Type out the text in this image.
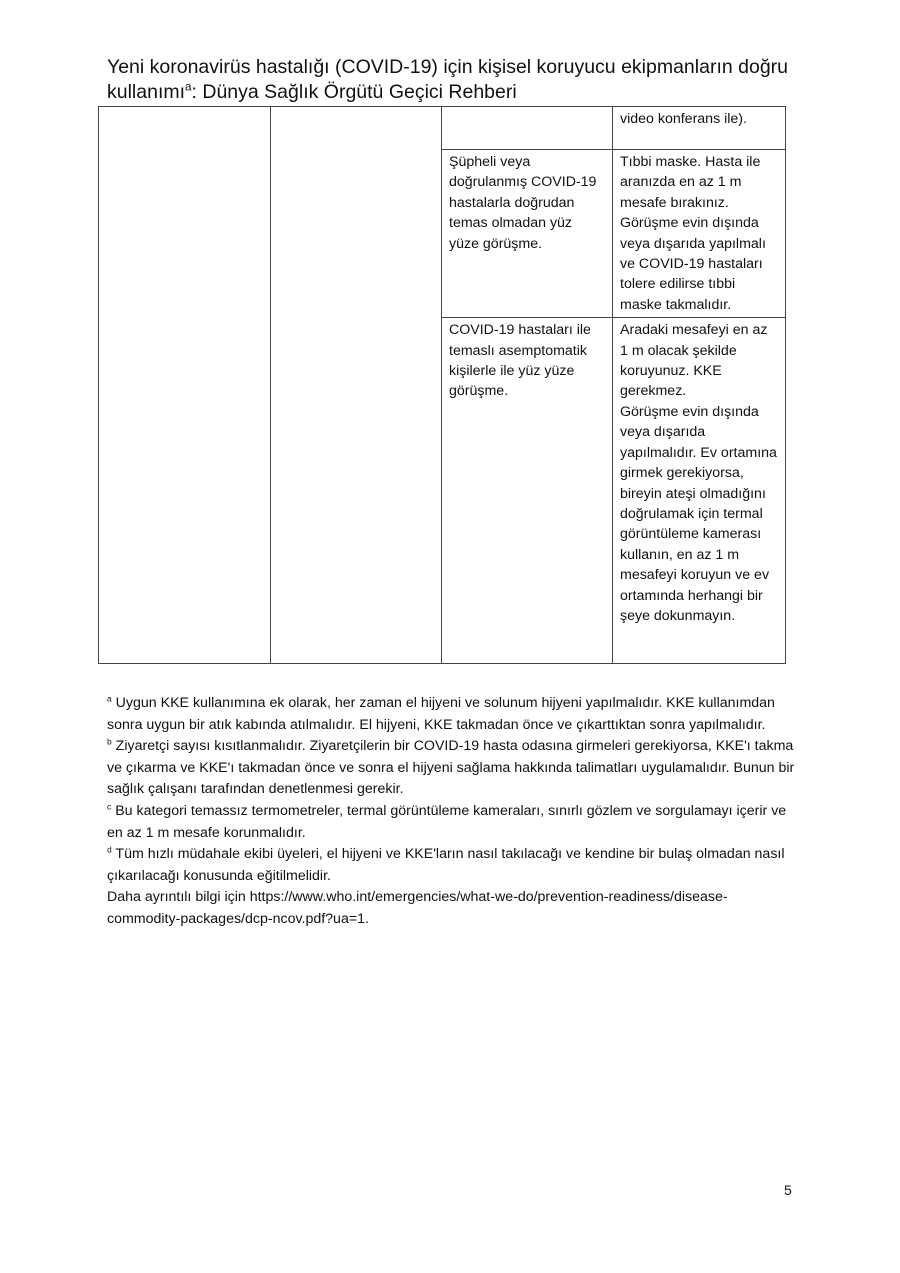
Yeni koronavirüs hastalığı (COVID-19) için kişisel koruyucu ekipmanların doğru
kullanımı$^a$: Dünya Sağlık Örgütü Geçici Rehberi
			video konferans ile).
		Şüpheli veya doğrulanmış COVID-19 hastalarla doğrudan temas olmadan yüz yüze görüşme.	Tıbbi maske. Hasta ile aranızda en az 1 m mesafe bırakınız. Görüşme evin dışında veya dışarıda yapılmalı ve COVID-19 hastaları tolere edilirse tıbbi maske takmalıdır.
		COVID-19 hastaları ile temaslı asemptomatik kişilerle ile yüz yüze görüşme.	Aradaki mesafeyi en az 1 m olacak şekilde koruyunuz. KKE gerekmez.
Görüşme evin dışında veya dışarıda yapılmalıdır. Ev ortamına girmek gerekiyorsa, bireyin ateşi olmadığını doğrulamak için termal görüntüleme kamerası kullanın, en az 1 m mesafeyi koruyun ve ev ortamında herhangi bir şeye dokunmayın.

$^a$ Uygun KKE kullanımına ek olarak, her zaman el hijyeni ve solunum hijyeni yapılmalıdır. KKE kullanımdan sonra uygun bir atık kabında atılmalıdır. El hijyeni, KKE takmadan önce ve çıkarttıktan sonra yapılmalıdır.

$^b$ Ziyaretçi sayısı kısıtlanmalıdır. Ziyaretçilerin bir COVID-19 hasta odasına girmeleri gerekiyorsa, KKE'ı takma ve çıkarma ve KKE'ı takmadan önce ve sonra el hijyeni sağlama hakkında talimatları uygulamalıdır. Bunun bir sağlık çalışanı tarafından denetlenmesi gerekir.

$^c$ Bu kategori temassız termometreler, termal görüntüleme kameraları, sınırlı gözlem ve sorgulamayı içerir ve en az 1 m mesafe korunmalıdır.

$^d$ Tüm hızlı müdahale ekibi üyeleri, el hijyeni ve KKE'ların nasıl takılacağı ve kendine bir bulaş olmadan nasıl çıkarılacağı konusunda eğitilmelidir.

Daha ayrıntılı bilgi için https://www.who.int/emergencies/what-we-do/prevention-readiness/disease-commodity-packages/dcp-ncov.pdf?ua=1.

5
